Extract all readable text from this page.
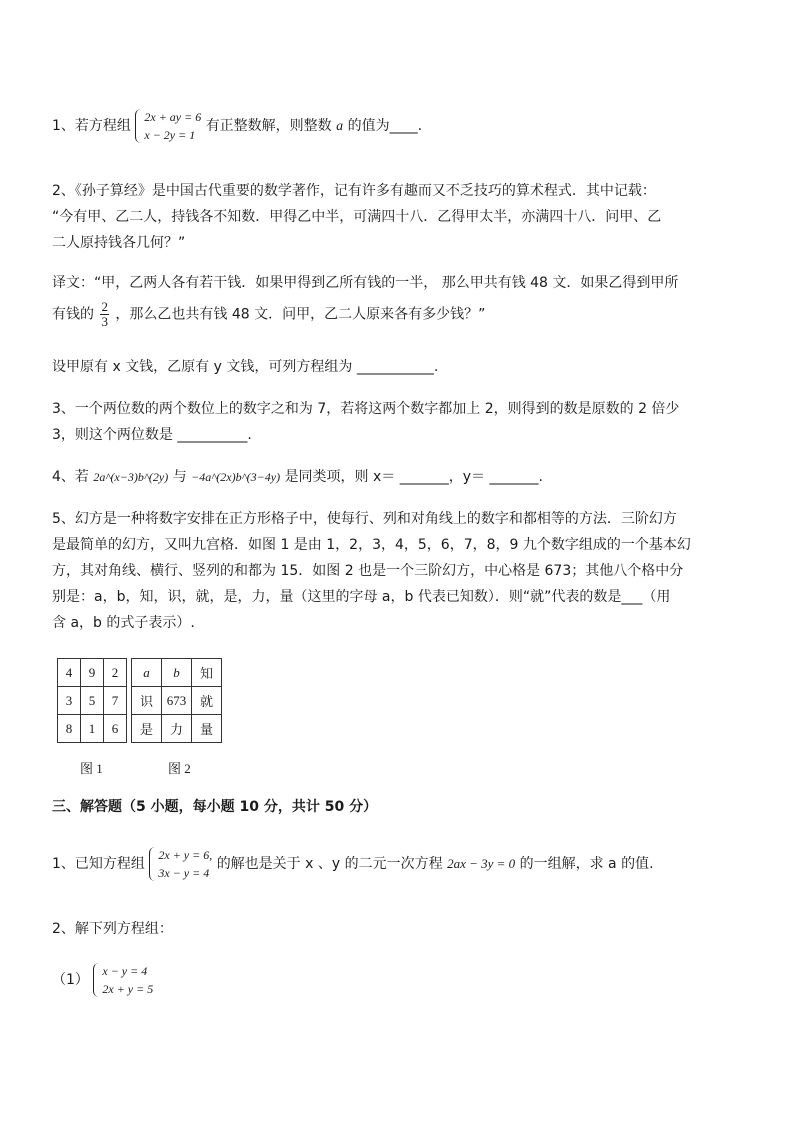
1、若方程组
2x + ay = 6
x − 2y = 1
有正整数解，则整数 a 的值为____.
2、《孙子算经》是中国古代重要的数学著作，记有许多有趣而又不乏技巧的算术程式．其中记载：
“今有甲、乙二人，持钱各不知数．甲得乙中半，可满四十八．乙得甲太半，亦满四十八．问甲、乙
二人原持钱各几何？”
译文：“甲，乙两人各有若干钱．如果甲得到乙所有钱的一半， 那么甲共有钱 48 文．如果乙得到甲所
有钱的 $\frac{2}{3}$ ，那么乙也共有钱 48 文．问甲，乙二人原来各有多少钱？”
设甲原有 x 文钱，乙原有 y 文钱，可列方程组为 ___________.
3、一个两位数的两个数位上的数字之和为 7，若将这两个数字都加上 2，则得到的数是原数的 2 倍少
3，则这个两位数是 __________.
4、若 2a^(x−3)b^(2y) 与 −4a^(2x)b^(3−4y) 是同类项，则 x＝ _______，y＝ _______.
5、幻方是一种将数字安排在正方形格子中，使每行、列和对角线上的数字和都相等的方法．三阶幻方
是最简单的幻方，又叫九宫格．如图 1 是由 1，2，3，4，5，6，7，8，9 九个数字组成的一个基本幻
方，其对角线、横行、竖列的和都为 15．如图 2 也是一个三阶幻方，中心格是 673；其他八个格中分
别是：a，b，知，识，就，是，力，量（这里的字母 a，b 代表已知数）．则“就”代表的数是___（用
含 a，b 的式子表示）.
4	9	2
3	5	7
8	1	6
图 1
a	b	知
识	673	就
是	力	量
图 2
三、解答题（5 小题，每小题 10 分，共计 50 分）
1、已知方程组
2x + y = 6,
3x − y = 4
的解也是关于 x 、y 的二元一次方程 2ax − 3y = 0 的一组解，求 a 的值.
2、解下列方程组：
（1）
x − y = 4
2x + y = 5
